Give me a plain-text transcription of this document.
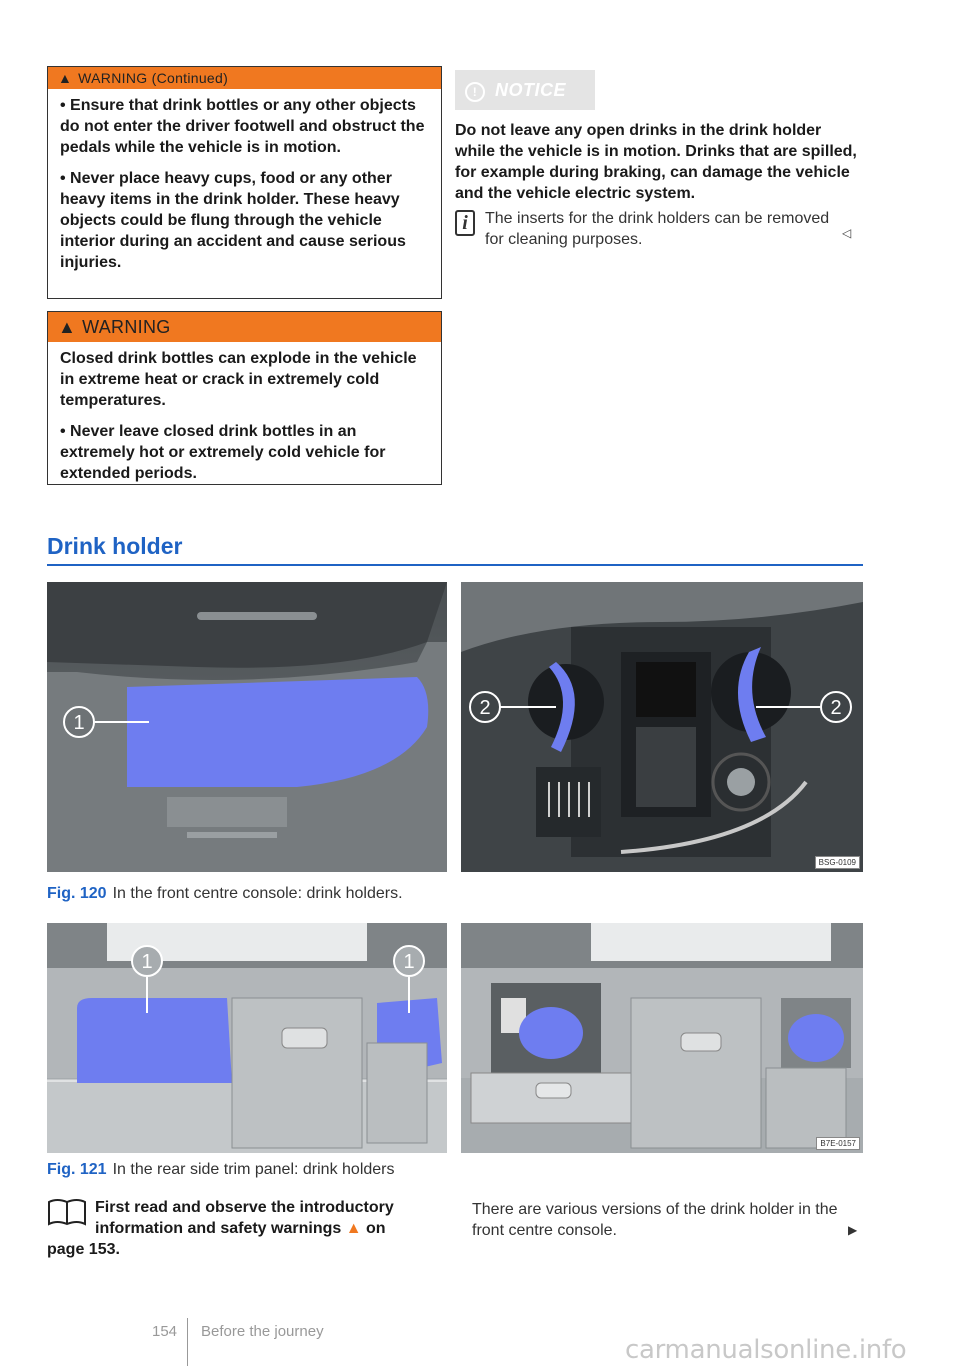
▲ WARNING (Continued)

• Ensure that drink bottles or any other objects do not enter the driver footwell and obstruct the pedals while the vehicle is in motion.

• Never place heavy cups, food or any other heavy items in the drink holder. These heavy objects could be flung through the vehicle interior during an accident and cause serious injuries.

▲ WARNING

Closed drink bottles can explode in the vehicle in extreme heat or crack in extremely cold temperatures.

• Never leave closed drink bottles in an extremely hot or extremely cold vehicle for extended periods.

! NOTICE
Do not leave any open drinks in the drink holder while the vehicle is in motion. Drinks that are spilled, for example during braking, can damage the vehicle and the vehicle electric system.
i	The inserts for the drink holders can be removed for cleaning purposes.	◁
Drink holder
1
2	2
BSG-0109
Fig. 120 In the front centre console: drink holders.
1	1
B7E-0157
Fig. 121 In the rear side trim panel: drink holders
First read and observe the introductory information and safety warnings ▲ on
page 153.
There are various versions of the drink holder in the front centre console.	▶
154 Before the journey
carmanualsonline.info
